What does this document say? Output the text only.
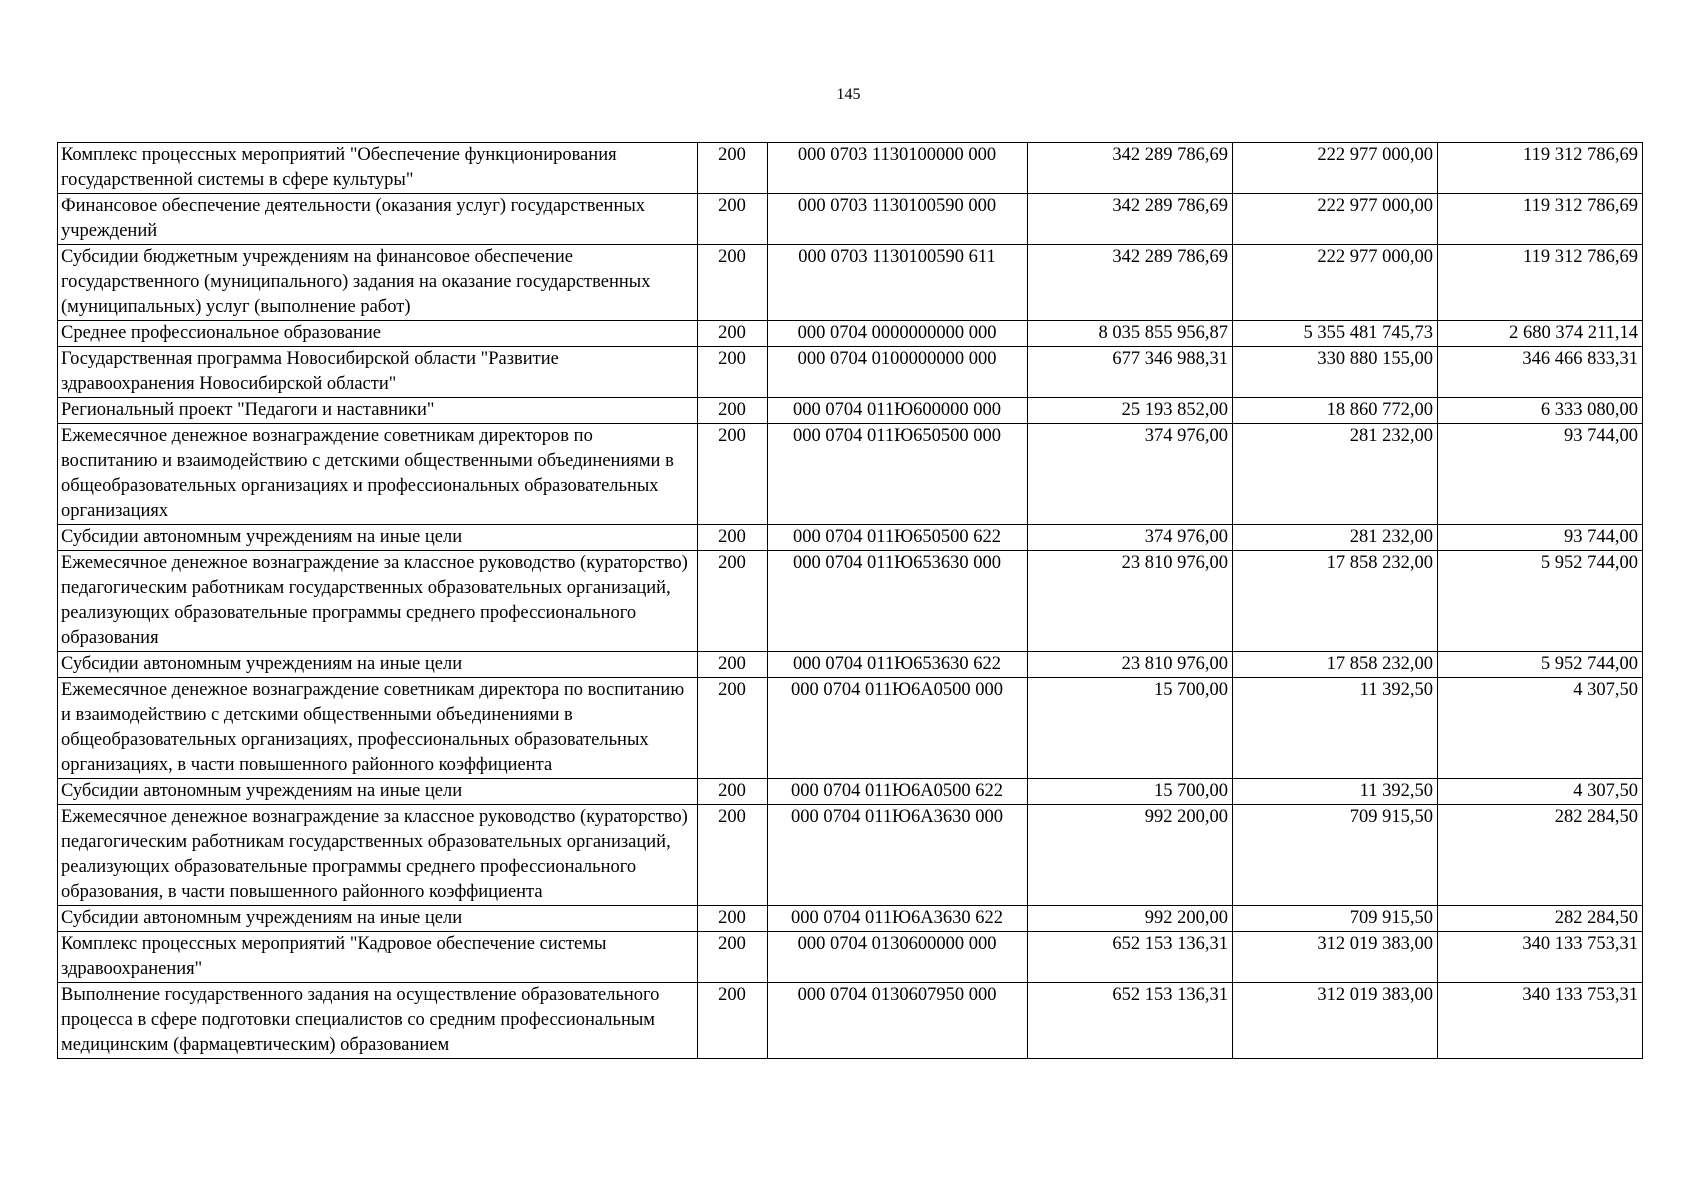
145
Комплекс процессных мероприятий "Обеспечение функционирования государственной системы в сфере культуры"	200	000 0703 1130100000 000	342 289 786,69	222 977 000,00	119 312 786,69
Финансовое обеспечение деятельности (оказания услуг) государственных учреждений	200	000 0703 1130100590 000	342 289 786,69	222 977 000,00	119 312 786,69
Субсидии бюджетным учреждениям на финансовое обеспечение государственного (муниципального) задания на оказание государственных (муниципальных) услуг (выполнение работ)	200	000 0703 1130100590 611	342 289 786,69	222 977 000,00	119 312 786,69
Среднее профессиональное образование	200	000 0704 0000000000 000	8 035 855 956,87	5 355 481 745,73	2 680 374 211,14
Государственная программа Новосибирской области "Развитие здравоохранения Новосибирской области"	200	000 0704 0100000000 000	677 346 988,31	330 880 155,00	346 466 833,31
Региональный проект "Педагоги и наставники"	200	000 0704 011Ю600000 000	25 193 852,00	18 860 772,00	6 333 080,00
Ежемесячное денежное вознаграждение советникам директоров по воспитанию и взаимодействию с детскими общественными объединениями в общеобразовательных организациях и профессиональных образовательных организациях	200	000 0704 011Ю650500 000	374 976,00	281 232,00	93 744,00
Субсидии автономным учреждениям на иные цели	200	000 0704 011Ю650500 622	374 976,00	281 232,00	93 744,00
Ежемесячное денежное вознаграждение за классное руководство (кураторство) педагогическим работникам государственных образовательных организаций, реализующих образовательные программы среднего профессионального образования	200	000 0704 011Ю653630 000	23 810 976,00	17 858 232,00	5 952 744,00
Субсидии автономным учреждениям на иные цели	200	000 0704 011Ю653630 622	23 810 976,00	17 858 232,00	5 952 744,00
Ежемесячное денежное вознаграждение советникам директора по воспитанию и взаимодействию с детскими общественными объединениями в общеобразовательных организациях, профессиональных образовательных организациях, в части повышенного районного коэффициента	200	000 0704 011Ю6А0500 000	15 700,00	11 392,50	4 307,50
Субсидии автономным учреждениям на иные цели	200	000 0704 011Ю6А0500 622	15 700,00	11 392,50	4 307,50
Ежемесячное денежное вознаграждение за классное руководство (кураторство) педагогическим работникам государственных образовательных организаций, реализующих образовательные программы среднего профессионального образования, в части повышенного районного коэффициента	200	000 0704 011Ю6А3630 000	992 200,00	709 915,50	282 284,50
Субсидии автономным учреждениям на иные цели	200	000 0704 011Ю6А3630 622	992 200,00	709 915,50	282 284,50
Комплекс процессных мероприятий "Кадровое обеспечение системы здравоохранения"	200	000 0704 0130600000 000	652 153 136,31	312 019 383,00	340 133 753,31
Выполнение государственного задания на осуществление образовательного процесса в сфере подготовки специалистов со средним профессиональным медицинским (фармацевтическим) образованием	200	000 0704 0130607950 000	652 153 136,31	312 019 383,00	340 133 753,31
